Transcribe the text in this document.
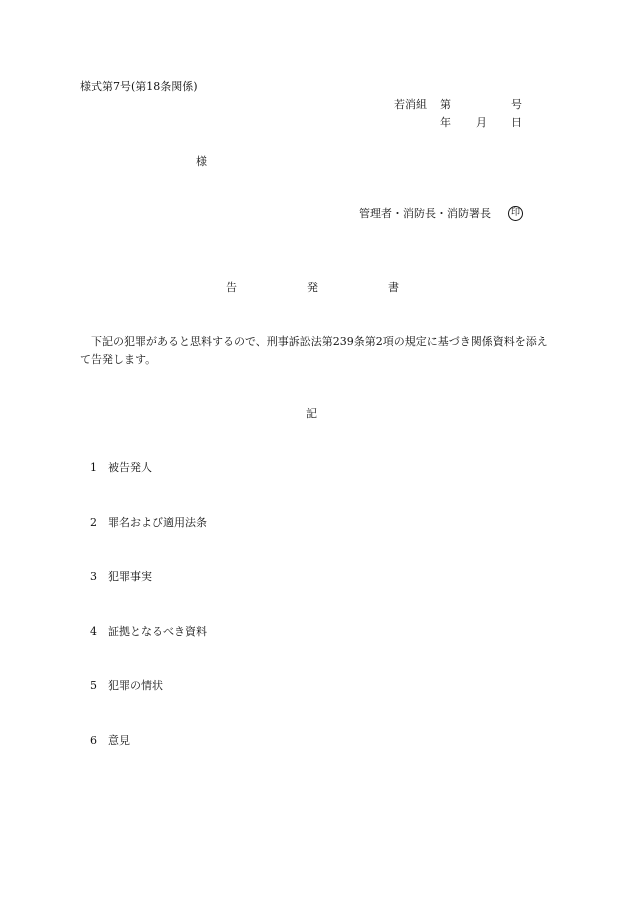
様式第7号(第18条関係)
若消組 第	号
年 月 日
様
管理者・消防長・消防署長	印
告	発	書
下記の犯罪があると思料するので、刑事訴訟法第239条第2項の規定に基づき関係資料を添えて告発します。
記
1 被告発人
2 罪名および適用法条
3 犯罪事実
4 証拠となるべき資料
5 犯罪の情状
6 意見
